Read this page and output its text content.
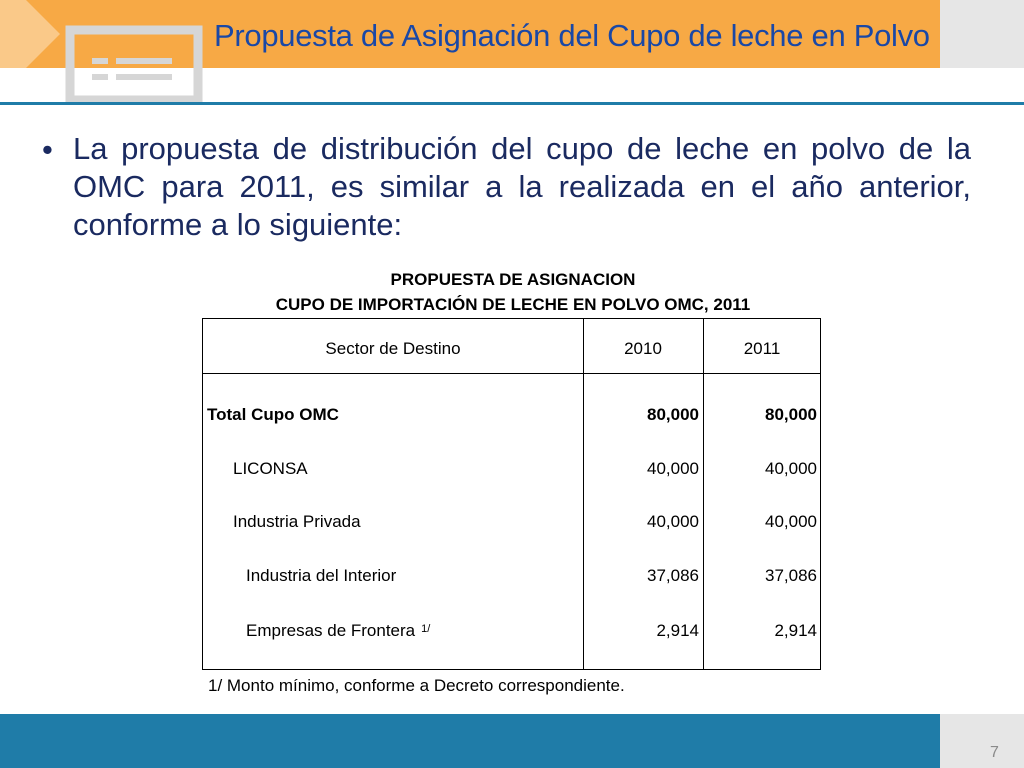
Propuesta de Asignación del Cupo de leche en Polvo
• La propuesta de distribución del cupo de leche en polvo de la OMC para 2011, es similar a la realizada en el año anterior, conforme a lo siguiente:
PROPUESTA DE ASIGNACION
CUPO DE IMPORTACIÓN DE LECHE EN POLVO OMC, 2011
Sector de Destino	2010	2011
Total Cupo OMC	80,000	80,000
LICONSA	40,000	40,000
Industria Privada	40,000	40,000
Industria del Interior	37,086	37,086
Empresas de Frontera $^{1/}$	2,914	2,914
1/ Monto mínimo, conforme a Decreto correspondiente.
7
